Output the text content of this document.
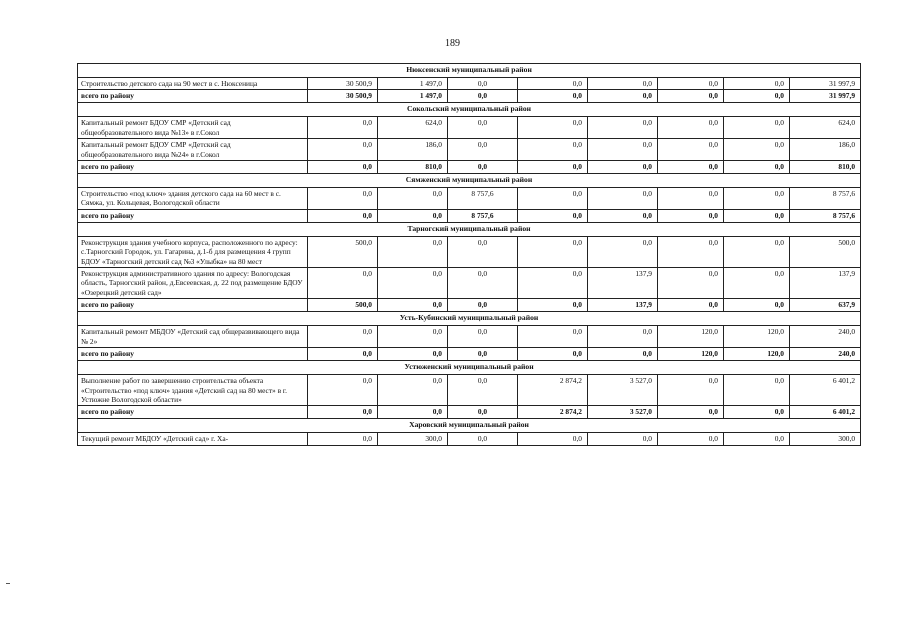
189
Нюксенский муниципальный район								
Строительство детского сада на 90 мест в с. Нюксеница	30 500,9	1 497,0	0,0	0,0	0,0	0,0	0,0	31 997,9
всего по району	30 500,9	1 497,0	0,0	0,0	0,0	0,0	0,0	31 997,9
Сокольский муниципальный район								
Капитальный ремонт БДОУ СМР «Детский сад общеобразовательного вида №13» в г.Сокол	0,0	624,0	0,0	0,0	0,0	0,0	0,0	624,0
Капитальный ремонт БДОУ СМР «Детский сад общеобразовательного вида №24» в г.Сокол	0,0	186,0	0,0	0,0	0,0	0,0	0,0	186,0
всего по району	0,0	810,0	0,0	0,0	0,0	0,0	0,0	810,0
Сямженский муниципальный район								
Строительство «под ключ» здания детского сада на 60 мест в с. Сямжа, ул. Кольцевая, Вологодской области	0,0	0,0	8 757,6	0,0	0,0	0,0	0,0	8 757,6
всего по району	0,0	0,0	8 757,6	0,0	0,0	0,0	0,0	8 757,6
Тарногский муниципальный район								
Реконструкция здания учебного корпуса, расположенного по адресу: с.Тарногский Городок, ул. Гагарина, д.1-б для размещения 4 групп БДОУ «Тарногский детский сад №3 «Улыбка» на 80 мест	500,0	0,0	0,0	0,0	0,0	0,0	0,0	500,0
Реконструкция административного здания по адресу: Вологодская область, Тарногский район, д.Евсеевская, д. 22 под размещение БДОУ «Озерецкий детский сад»	0,0	0,0	0,0	0,0	137,9	0,0	0,0	137,9
всего по району	500,0	0,0	0,0	0,0	137,9	0,0	0,0	637,9
Усть-Кубинский муниципальный район								
Капитальный ремонт МБДОУ «Детский сад общеразвивающего вида № 2»	0,0	0,0	0,0	0,0	0,0	120,0	120,0	240,0
всего по району	0,0	0,0	0,0	0,0	0,0	120,0	120,0	240,0
Устюженский муниципальный район								
Выполнение работ по завершению строительства объекта «Строительство «под ключ» здания «Детский сад на 80 мест» в г. Устюжне Вологодской области»	0,0	0,0	0,0	2 874,2	3 527,0	0,0	0,0	6 401,2
всего по району	0,0	0,0	0,0	2 874,2	3 527,0	0,0	0,0	6 401,2
Харовский муниципальный район								
Текущий ремонт МБДОУ «Детский сад» г. Ха-	0,0	300,0	0,0	0,0	0,0	0,0	0,0	300,0
